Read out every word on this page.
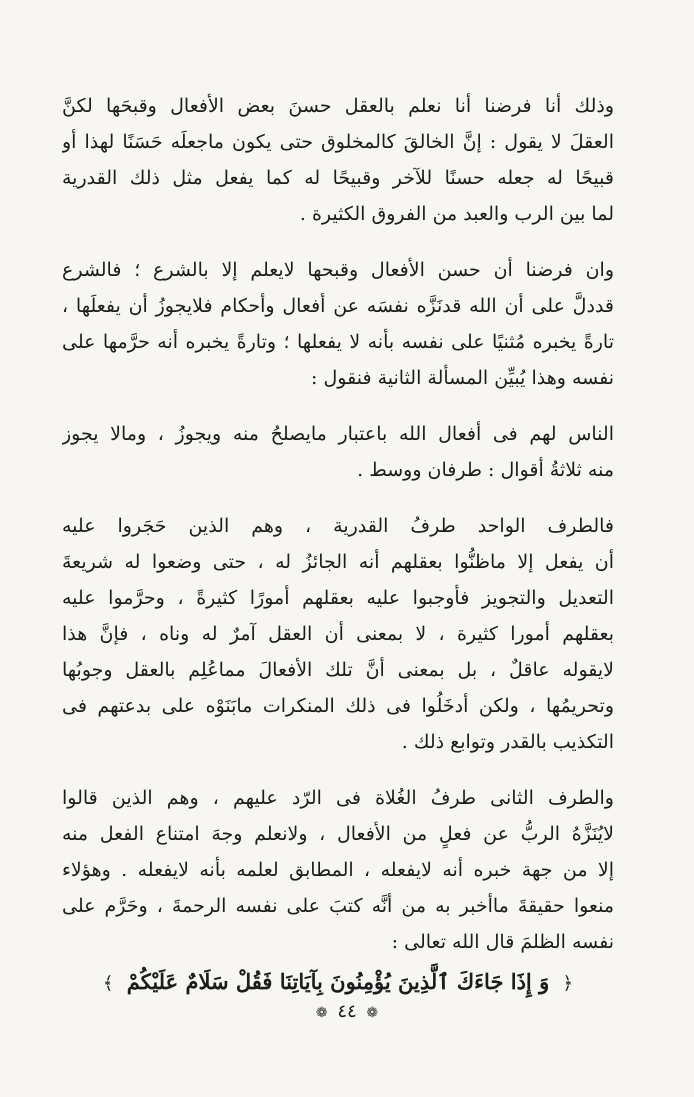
وذلك أنا فرضنا أنا نعلم بالعقل حسنَ بعض الأفعال وقبحَها لكنَّ
العقلَ لا يقول : إنَّ الخالقَ كالمخلوق حتى يكون ماجعلَه حَسَنًا لهذا أو
قبيحًا له جعله حسنًا للآخر وقبيحًا له كما يفعل مثل ذلك القدرية
لما بين الرب والعبد من الفروق الكثيرة .
وان فرضنا أن حسن الأفعال وقبحها لايعلم إلا بالشرع ؛ فالشرع
قددلَّ على أن الله قدنَزَّه نفسَه عن أفعال وأحكام فلايجوزُ أن يفعلَها ،
تارةً يخبره مُثنيًا على نفسه بأنه لا يفعلها ؛ وتارةً يخبره أنه حرَّمها على
نفسه وهذا يُبيِّن المسألة الثانية فنقول :
الناس لهم فى أفعال الله باعتبار مايصلحُ منه ويجوزُ ، ومالا يجوز
منه ثلاثةُ أقوال : طرفان ووسط .
فالطرف الواحد طرفُ القدرية ، وهم الذين حَجَروا عليه
أن يفعل إلا ماظنُّوا بعقلهم أنه الجائزُ له ، حتى وضعوا له شريعةَ
التعديل والتجويز فأوجبوا عليه بعقلهم أمورًا كثيرةً ، وحرَّموا عليه
بعقلهم أمورا كثيرة ، لا بمعنى أن العقل آمرٌ له وناه ، فإنَّ هذا
لايقوله عاقلٌ ، بل بمعنى أنَّ تلك الأفعالَ مماعُلِم بالعقل وجوبُها
وتحريمُها ، ولكن أدخَلُوا فى ذلك المنكرات مابَنَوْه على بدعتهم فى
التكذيب بالقدر وتوابع ذلك .
والطرف الثانى طرفُ الغُلاة فى الرّد عليهم ، وهم الذين قالوا
لايُنَزَّهُ الربُّ عن فعلٍ من الأفعال ، ولانعلم وجهَ امتناع الفعل منه
إلا من جهة خبره أنه لايفعله ، المطابق لعلمه بأنه لايفعله . وهؤلاء
منعوا حقيقةَ ماأخبر به من أنَّه كتبَ على نفسه الرحمةَ ، وحَرَّم على
نفسه الظلمَ قال الله تعالى :
﴿ وَ إِذَا جَاءَكَ ٱلَّذِينَ يُؤْمِنُونَ بِآيَاتِنَا فَقُلْ سَلَامٌ عَلَيْكُمْ ﴾
❁ ٤٤ ❁
